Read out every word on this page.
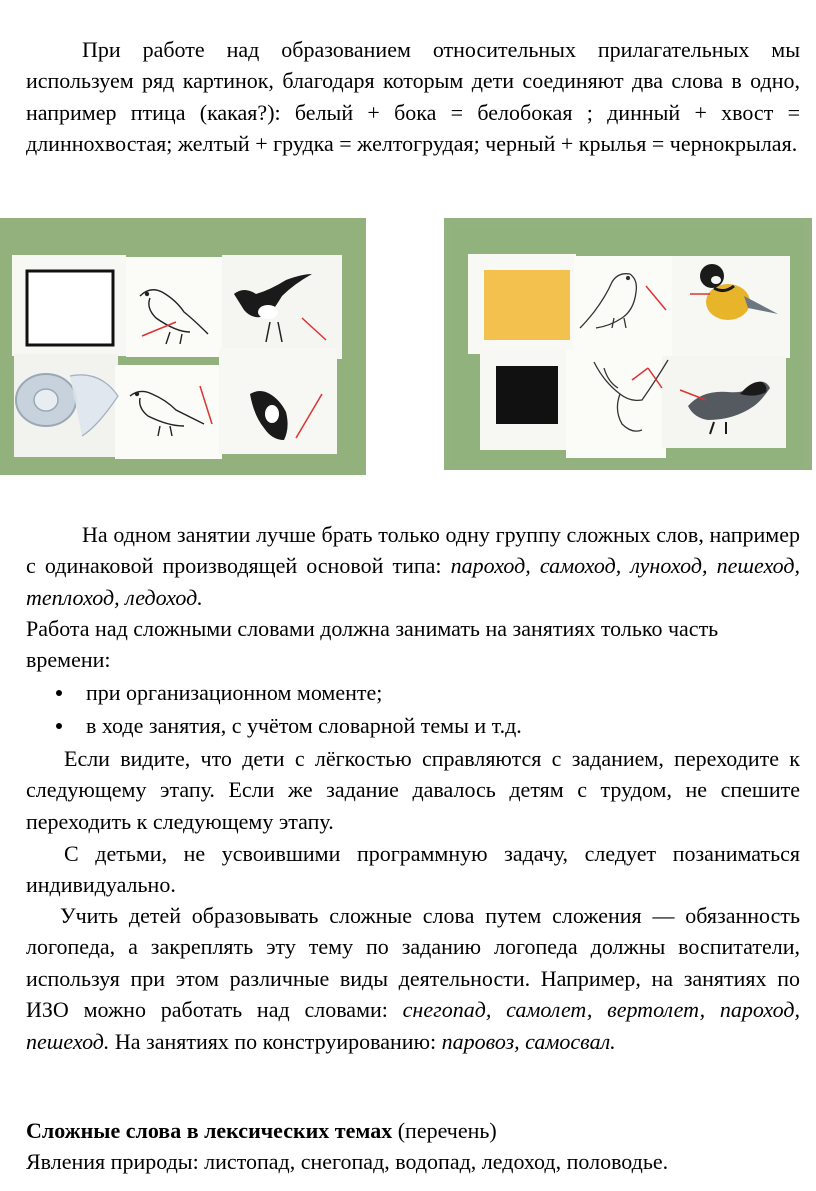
При работе над образованием относительных прилагательных мы используем ряд картинок, благодаря которым дети соединяют два слова в одно, например птица (какая?): белый + бока = белобокая ; динный + хвост = длиннохвостая; желтый + грудка = желтогрудая; черный + крылья = чернокрылая.
На одном занятии лучше брать только одну группу сложных слов, например с одинаковой производящей основой типа: пароход, самоход, луноход, пешеход, теплоход, ледоход.
Работа над сложными словами должна занимать на занятиях только часть времени:
при организационном моменте;
в ходе занятия, с учётом словарной темы и т.д.
Если видите, что дети с лёгкостью справляются с заданием, переходите к следующему этапу. Если же задание давалось детям с трудом, не спешите переходить к следующему этапу.
С детьми, не усвоившими программную задачу, следует позаниматься индивидуально.
Учить детей образовывать сложные слова путем сложения — обязанность логопеда, а закреплять эту тему по заданию логопеда должны воспитатели, используя при этом различные виды деятельности. Например, на занятиях по ИЗО можно работать над словами: снегопад, самолет, вертолет, пароход, пешеход. На занятиях по конструированию: паровоз, самосвал.
Сложные слова в лексических темах (перечень)
Явления природы: листопад, снегопад, водопад, ледоход, половодье.
